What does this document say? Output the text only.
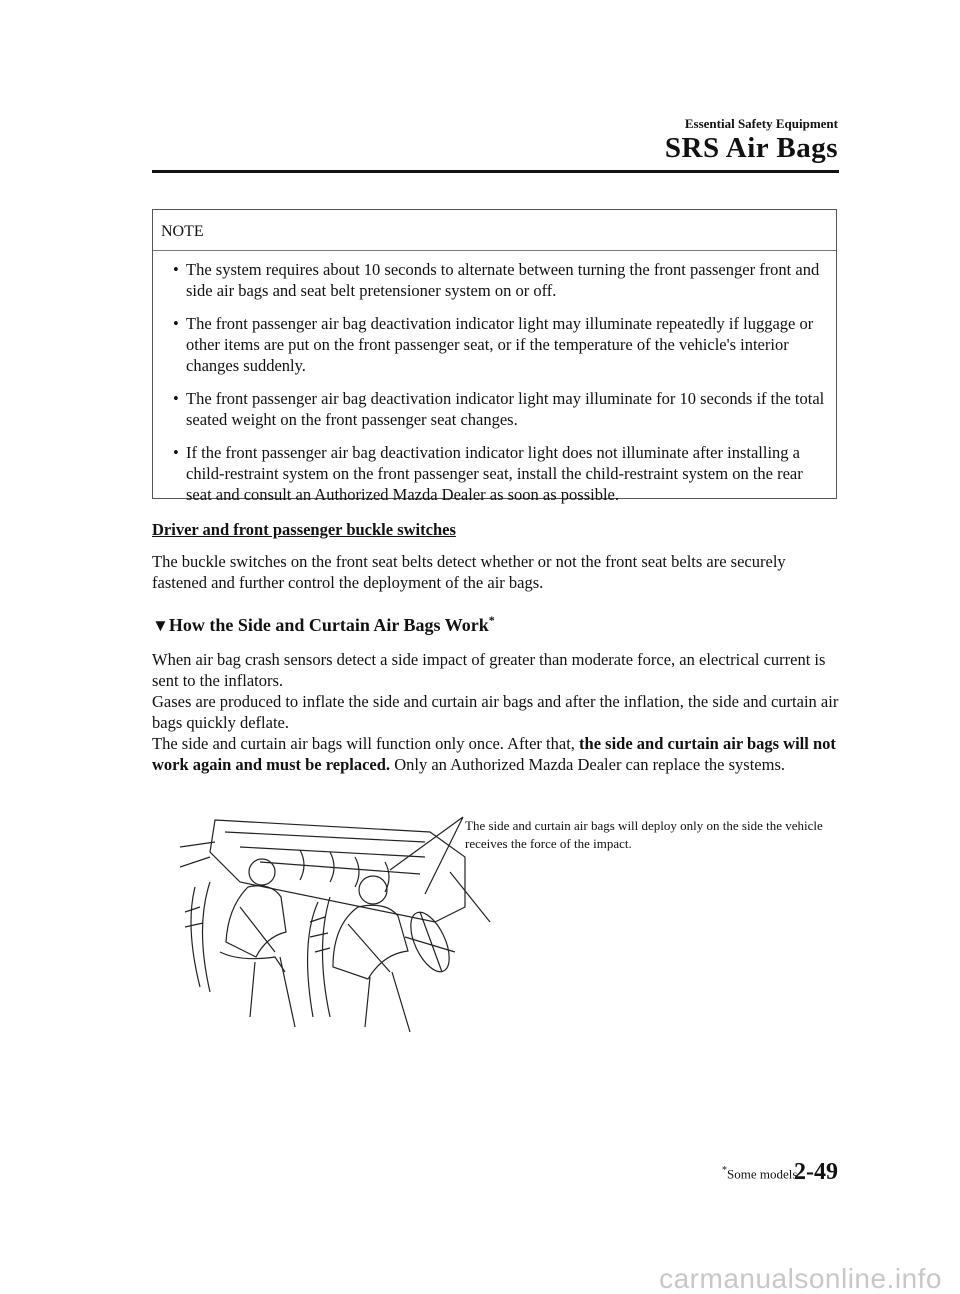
Essential Safety Equipment
SRS Air Bags
NOTE
• The system requires about 10 seconds to alternate between turning the front passenger front and side air bags and seat belt pretensioner system on or off.
• The front passenger air bag deactivation indicator light may illuminate repeatedly if luggage or other items are put on the front passenger seat, or if the temperature of the vehicle's interior changes suddenly.
• The front passenger air bag deactivation indicator light may illuminate for 10 seconds if the total seated weight on the front passenger seat changes.
• If the front passenger air bag deactivation indicator light does not illuminate after installing a child-restraint system on the front passenger seat, install the child-restraint system on the rear seat and consult an Authorized Mazda Dealer as soon as possible.
Driver and front passenger buckle switches
The buckle switches on the front seat belts detect whether or not the front seat belts are securely fastened and further control the deployment of the air bags.
▼How the Side and Curtain Air Bags Work*
When air bag crash sensors detect a side impact of greater than moderate force, an electrical current is sent to the inflators.
Gases are produced to inflate the side and curtain air bags and after the inflation, the side and curtain air bags quickly deflate.
The side and curtain air bags will function only once. After that, the side and curtain air bags will not work again and must be replaced. Only an Authorized Mazda Dealer can replace the systems.
The side and curtain air bags will deploy only on the side the vehicle receives the force of the impact.
*Some models.
2-49
carmanualsonline.info
